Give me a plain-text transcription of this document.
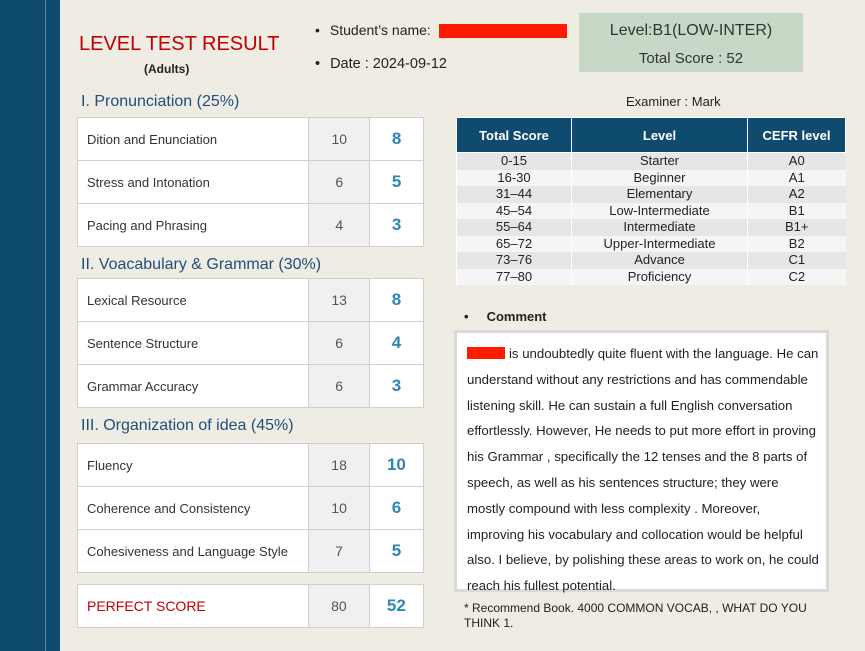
LEVEL TEST RESULT
(Adults)
• Student’s name:
• Date : 2024-09-12
Level:B1(LOW-INTER)
Total Score : 52
I. Pronunciation (25%)
Dition and Enunciation	10	8
Stress and Intonation	6	5
Pacing and Phrasing	4	3
II. Voacabulary & Grammar (30%)
Lexical Resource	13	8
Sentence Structure	6	4
Grammar Accuracy	6	3
III. Organization of idea (45%)
Fluency	18	10
Coherence and Consistency	10	6
Cohesiveness and Language Style	7	5
PERFECT SCORE	80	52
Examiner : Mark
Total Score	Level	CEFR level
0-15	Starter	A0
16-30	Beginner	A1
31–44	Elementary	A2
45–54	Low-Intermediate	B1
55–64	Intermediate	B1+
65–72	Upper-Intermediate	B2
73–76	Advance	C1
77–80	Proficiency	C2
• Comment
is undoubtedly quite fluent with the language. He can understand without any restrictions and has commendable listening skill. He can sustain a full English conversation effortlessly. However, He needs to put more effort in proving his Grammar , specifically the 12 tenses and the 8 parts of speech, as well as his sentences structure; they were mostly compound with less complexity . Moreover, improving his vocabulary and collocation would be helpful also. I believe, by polishing these areas to work on, he could reach his fullest potential.
* Recommend Book. 4000 COMMON VOCAB, , WHAT DO YOU THINK 1.
